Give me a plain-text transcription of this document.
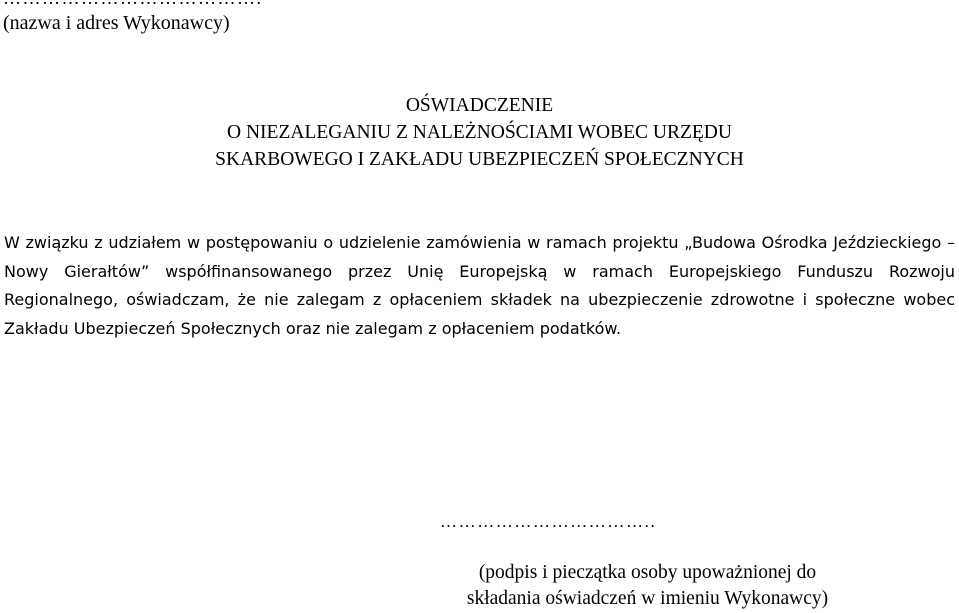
(nazwa i adres Wykonawcy)
OŚWIADCZENIE
O NIEZALEGANIU Z NALEŻNOŚCIAMI WOBEC URZĘDU
SKARBOWEGO I ZAKŁADU UBEZPIECZEŃ SPOŁECZNYCH
W związku z udziałem w postępowaniu o udzielenie zamówienia w ramach projektu „Budowa Ośrodka Jeździeckiego – Nowy Gierałtów” współfinansowanego przez Unię Europejską w ramach Europejskiego Funduszu Rozwoju Regionalnego, oświadczam, że nie zalegam z opłaceniem składek na ubezpieczenie zdrowotne i społeczne wobec Zakładu Ubezpieczeń Społecznych oraz nie zalegam z opłaceniem podatków.
……………………………..
(podpis i pieczątka osoby upoważnionej do
składania oświadczeń w imieniu Wykonawcy)
